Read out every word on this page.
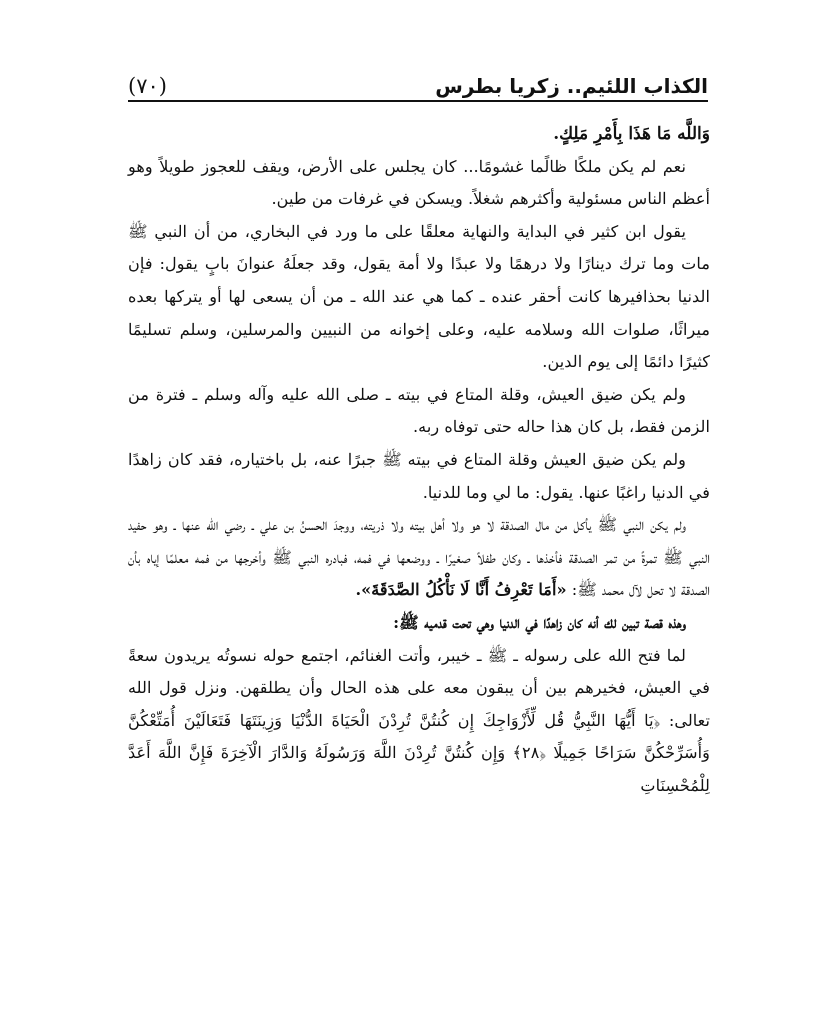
الكذاب اللئيم.. زكريا بطرس
(٧٠)

وَاللَّه مَا هَذَا بِأَمْرِ مَلِكٍ.

نعم لم يكن ملكًا ظالًما غشومًا... كان يجلس على الأرض، ويقف للعجوز طويلاً وهو أعظم الناس مسئولية وأكثرهم شغلاً. ويسكن في غرفات من طين.

يقول ابن كثير في البداية والنهاية معلقًا على ما ورد في البخاري، من أن النبي ﷺ مات وما ترك دينارًا ولا درهمًا ولا عبدًا ولا أمة يقول، وقد جعلَهُ عنوانَ بابٍ يقول: فإن الدنيا بحذافيرها كانت أحقر عنده ـ كما هي عند الله ـ من أن يسعى لها أو يتركها بعده ميراثًا، صلوات الله وسلامه عليه، وعلى إخوانه من النبيين والمرسلين، وسلم تسليمًا كثيرًا دائمًا إلى يوم الدين.

ولم يكن ضيق العيش، وقلة المتاع في بيته ـ صلى الله عليه وآله وسلم ـ فترة من الزمن فقط، بل كان هذا حاله حتى توفاه ربه.

ولم يكن ضيق العيش وقلة المتاع في بيته ﷺ جبرًا عنه، بل باختياره، فقد كان زاهدًا في الدنيا راغبًا عنها. يقول: ما لي وما للدنيا.

ولم يكن النبي ﷺ يأكل من مال الصدقة لا هو ولا أهل بيته ولا ذريته، ووجدَ الحسنُ بن علي ـ رضي الله عنها ـ وهو حفيد النبي ﷺ تمرةً من تمر الصدقة فأخذها ـ وكان طفلاً صغيرًا ـ ووضعها في فمه، فبادره النبي ﷺ وأخرجها من فمه معلمًا إياه بأن الصدقة لا تحل لآل محمد ﷺ: «أَمَا تَعْرِفُ أَنَّا لَا نَأْكُلُ الصَّدَقَةَ».

وهذه قصة تبين لك أنه كان زاهدًا في الدنيا وهي تحت قدميه ﷺ:

لما فتح الله على رسوله ـ ﷺ ـ خيبر، وأتت الغنائم، اجتمع حوله نسوتُه يريدون سعةً في العيش، فخيرهم بين أن يبقون معه على هذه الحال وأن يطلقهن. ونزل قول الله تعالى: ﴿يَا أَيُّهَا النَّبِيُّ قُل لِّأَزْوَاجِكَ إِن كُنتُنَّ تُرِدْنَ الْحَيَاةَ الدُّنْيَا وَزِينَتَهَا فَتَعَالَيْنَ أُمَتِّعْكُنَّ وَأُسَرِّحْكُنَّ سَرَاحًا جَمِيلًا ﴿٢٨﴾ وَإِن كُنتُنَّ تُرِدْنَ اللَّهَ وَرَسُولَهُ وَالدَّارَ الْآخِرَةَ فَإِنَّ اللَّهَ أَعَدَّ لِلْمُحْسِنَاتِ
